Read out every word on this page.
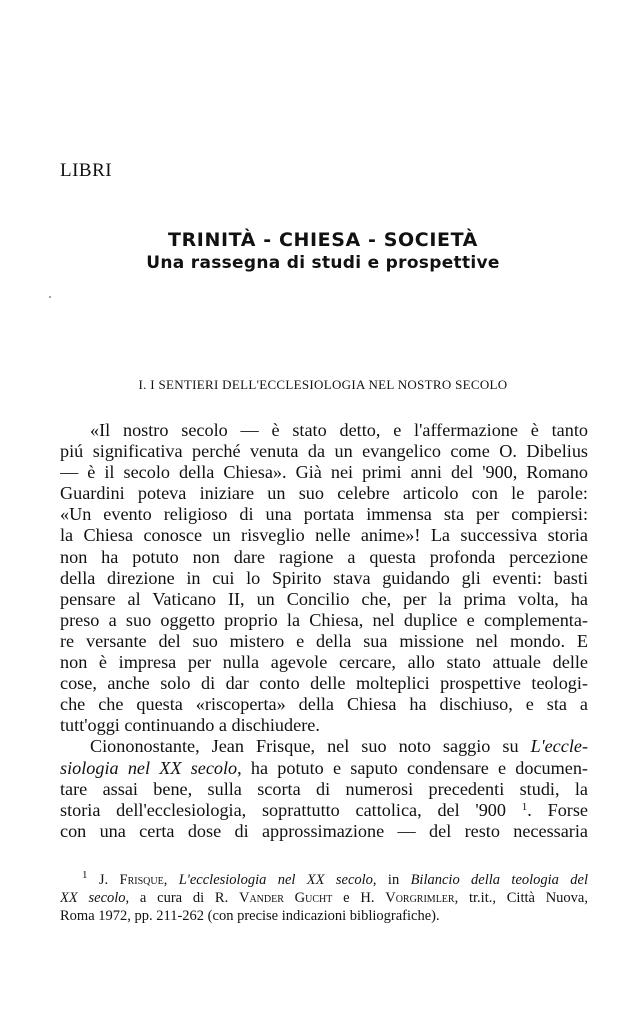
LIBRI

TRINITÀ - CHIESA - SOCIETÀ

Una rassegna di studi e prospettive

I. I SENTIERI DELL'ECCLESIOLOGIA NEL NOSTRO SECOLO
«Il nostro secolo — è stato detto, e l'affermazione è tanto
piú significativa perché venuta da un evangelico come O. Dibelius
— è il secolo della Chiesa». Già nei primi anni del '900, Romano
Guardini poteva iniziare un suo celebre articolo con le parole:
«Un evento religioso di una portata immensa sta per compiersi:
la Chiesa conosce un risveglio nelle anime»! La successiva storia
non ha potuto non dare ragione a questa profonda percezione
della direzione in cui lo Spirito stava guidando gli eventi: basti
pensare al Vaticano II, un Concilio che, per la prima volta, ha
preso a suo oggetto proprio la Chiesa, nel duplice e complementa-
re versante del suo mistero e della sua missione nel mondo. E
non è impresa per nulla agevole cercare, allo stato attuale delle
cose, anche solo di dar conto delle molteplici prospettive teologi-
che che questa «riscoperta» della Chiesa ha dischiuso, e sta a
tutt'oggi continuando a dischiudere.
Ciononostante, Jean Frisque, nel suo noto saggio su L'eccle-
siologia nel XX secolo, ha potuto e saputo condensare e documen-
tare assai bene, sulla scorta di numerosi precedenti studi, la
storia dell'ecclesiologia, soprattutto cattolica, del '900 $^1$. Forse
con una certa dose di approssimazione — del resto necessaria
$^1$ J. Frisque, L'ecclesiologia nel XX secolo, in Bilancio della teologia del
XX secolo, a cura di R. Vander Gucht e H. Vorgrimler, tr.it., Città Nuova,
Roma 1972, pp. 211-262 (con precise indicazioni bibliografiche).
